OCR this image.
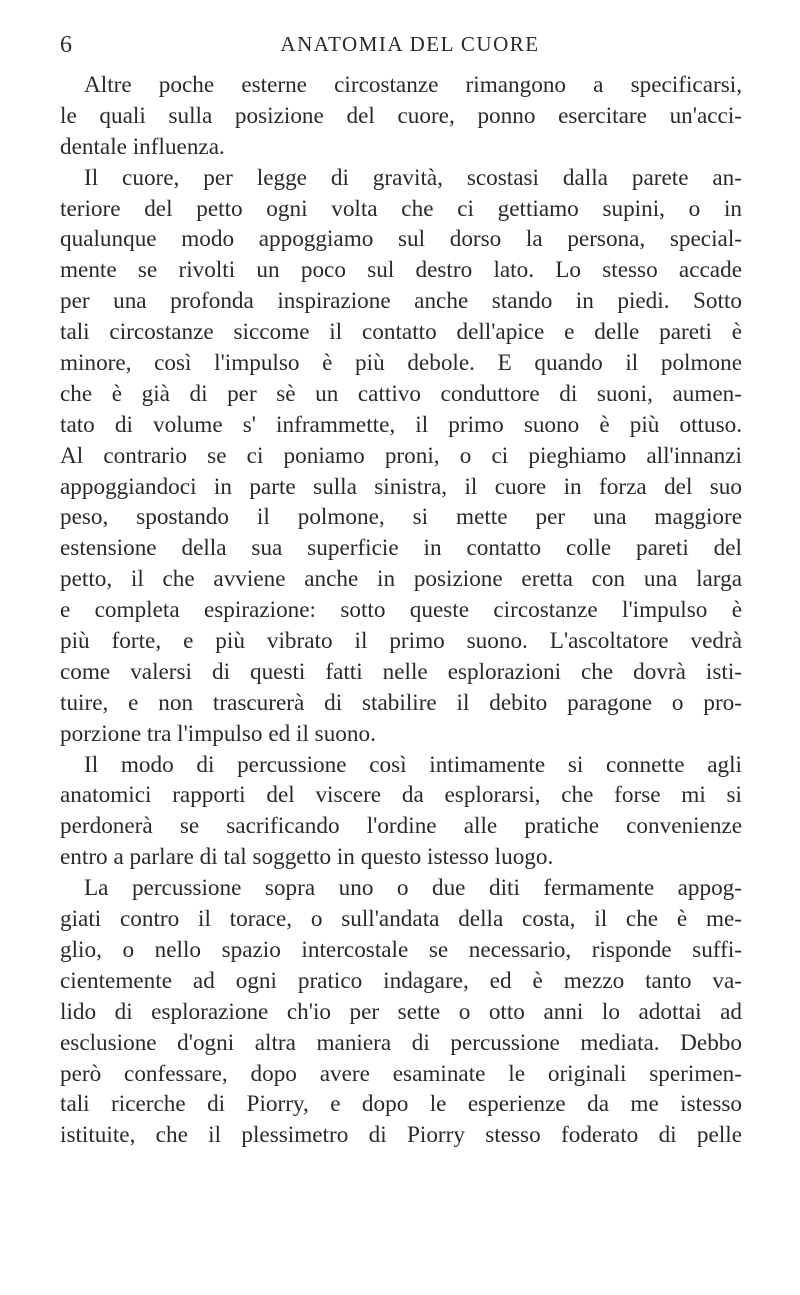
6	ANATOMIA DEL CUORE
Altre poche esterne circostanze rimangono a specificarsi,
le quali sulla posizione del cuore, ponno esercitare un'acci-
dentale influenza.
Il cuore, per legge di gravità, scostasi dalla parete an-
teriore del petto ogni volta che ci gettiamo supini, o in
qualunque modo appoggiamo sul dorso la persona, special-
mente se rivolti un poco sul destro lato. Lo stesso accade
per una profonda inspirazione anche stando in piedi. Sotto
tali circostanze siccome il contatto dell'apice e delle pareti è
minore, così l'impulso è più debole. E quando il polmone
che è già di per sè un cattivo conduttore di suoni, aumen-
tato di volume s' inframmette, il primo suono è più ottuso.
Al contrario se ci poniamo proni, o ci pieghiamo all'innanzi
appoggiandoci in parte sulla sinistra, il cuore in forza del suo
peso, spostando il polmone, si mette per una maggiore
estensione della sua superficie in contatto colle pareti del
petto, il che avviene anche in posizione eretta con una larga
e completa espirazione: sotto queste circostanze l'impulso è
più forte, e più vibrato il primo suono. L'ascoltatore vedrà
come valersi di questi fatti nelle esplorazioni che dovrà isti-
tuire, e non trascurerà di stabilire il debito paragone o pro-
porzione tra l'impulso ed il suono.
Il modo di percussione così intimamente si connette agli
anatomici rapporti del viscere da esplorarsi, che forse mi si
perdonerà se sacrificando l'ordine alle pratiche convenienze
entro a parlare di tal soggetto in questo istesso luogo.
La percussione sopra uno o due diti fermamente appog-
giati contro il torace, o sull'andata della costa, il che è me-
glio, o nello spazio intercostale se necessario, risponde suffi-
cientemente ad ogni pratico indagare, ed è mezzo tanto va-
lido di esplorazione ch'io per sette o otto anni lo adottai ad
esclusione d'ogni altra maniera di percussione mediata. Debbo
però confessare, dopo avere esaminate le originali sperimen-
tali ricerche di Piorry, e dopo le esperienze da me istesso
istituite, che il plessimetro di Piorry stesso foderato di pelle
